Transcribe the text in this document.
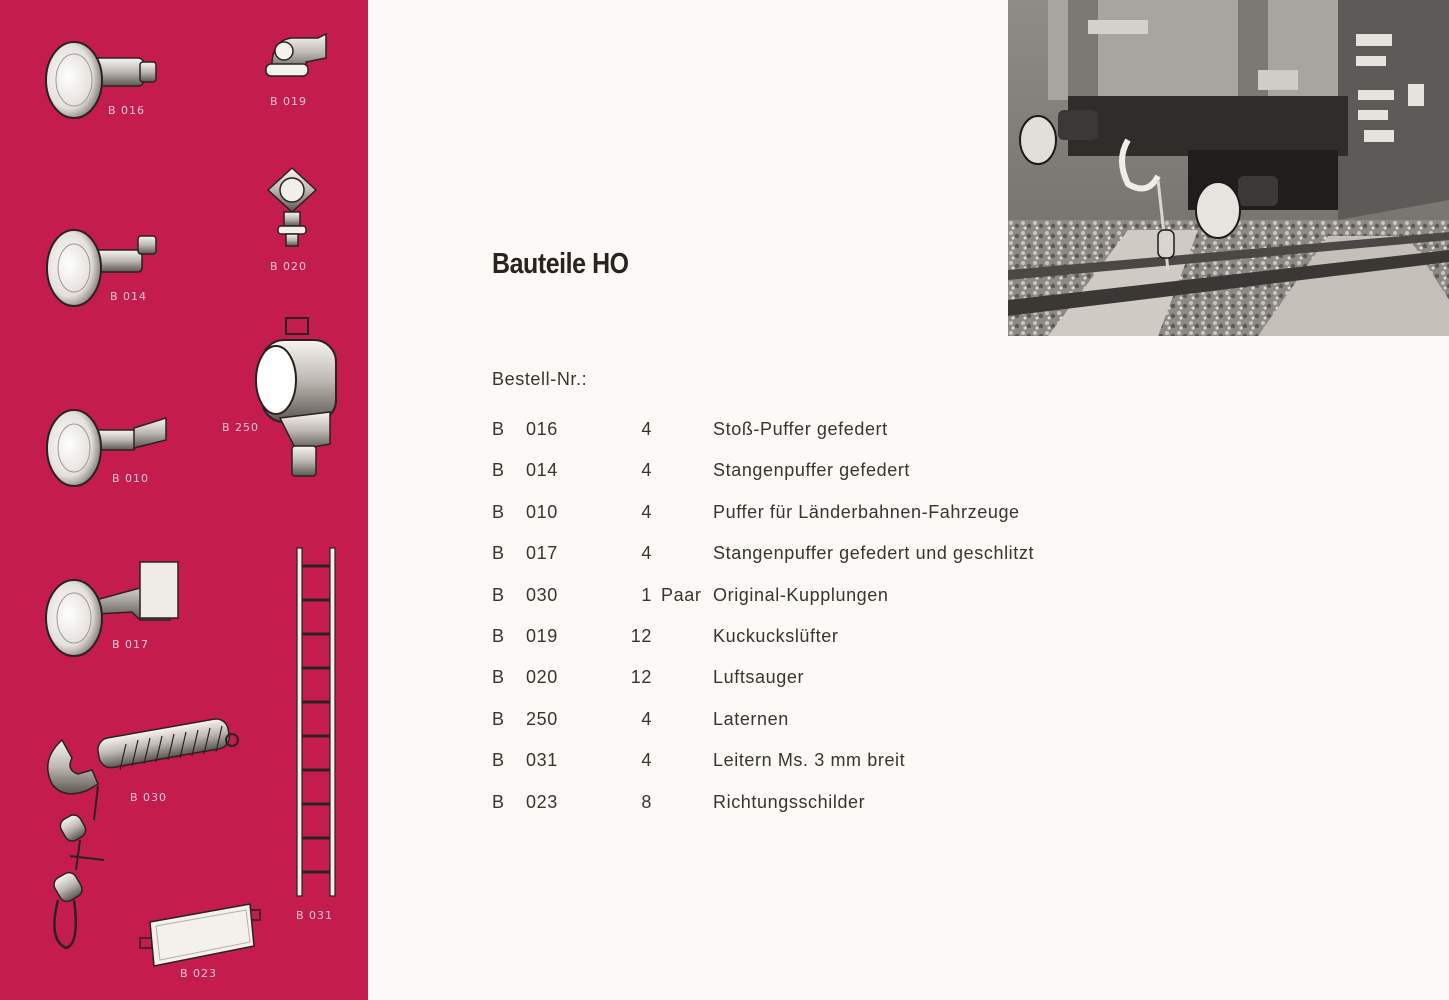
B 016
B 019
B 020
B 014
B 250
B 010
B 017
B 030
B 031
B 023
Bauteile HO
Bestell-Nr.:
B 016	4	Stoß-Puffer gefedert
B 014	4	Stangenpuffer gefedert
B 010	4	Puffer für Länderbahnen-Fahrzeuge
B 017	4	Stangenpuffer gefedert und geschlitzt
B 030	1 Paar Original-Kupplungen
B 019	12	Kuckuckslüfter
B 020	12	Luftsauger
B 250	4	Laternen
B 031	4	Leitern Ms. 3 mm breit
B 023	8	Richtungsschilder
